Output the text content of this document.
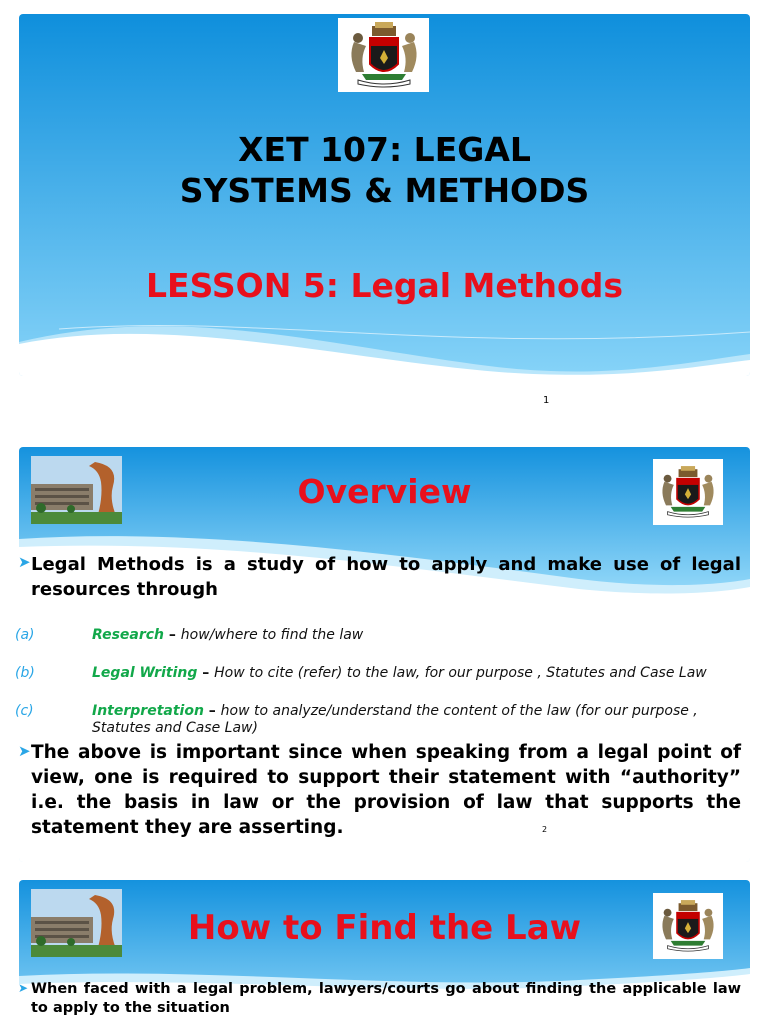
XET 107: LEGAL
SYSTEMS & METHODS
LESSON 5: Legal Methods
1
Overview
➤ Legal Methods is a study of how to apply and make use of legal resources through
(a)	Research – how/where to find the law
(b)	Legal Writing – How to cite (refer) to the law, for our purpose , Statutes and Case Law
(c)	Interpretation – how to analyze/understand the content of the law (for our purpose , Statutes and Case Law)
➤ The above is important since when speaking from a legal point of view, one is required to support their statement with “authority” i.e. the basis in law or the provision of law that supports the statement they are asserting.	2
How to Find the Law
➤ When faced with a legal problem, lawyers/courts go about finding the applicable law to apply to the situation
